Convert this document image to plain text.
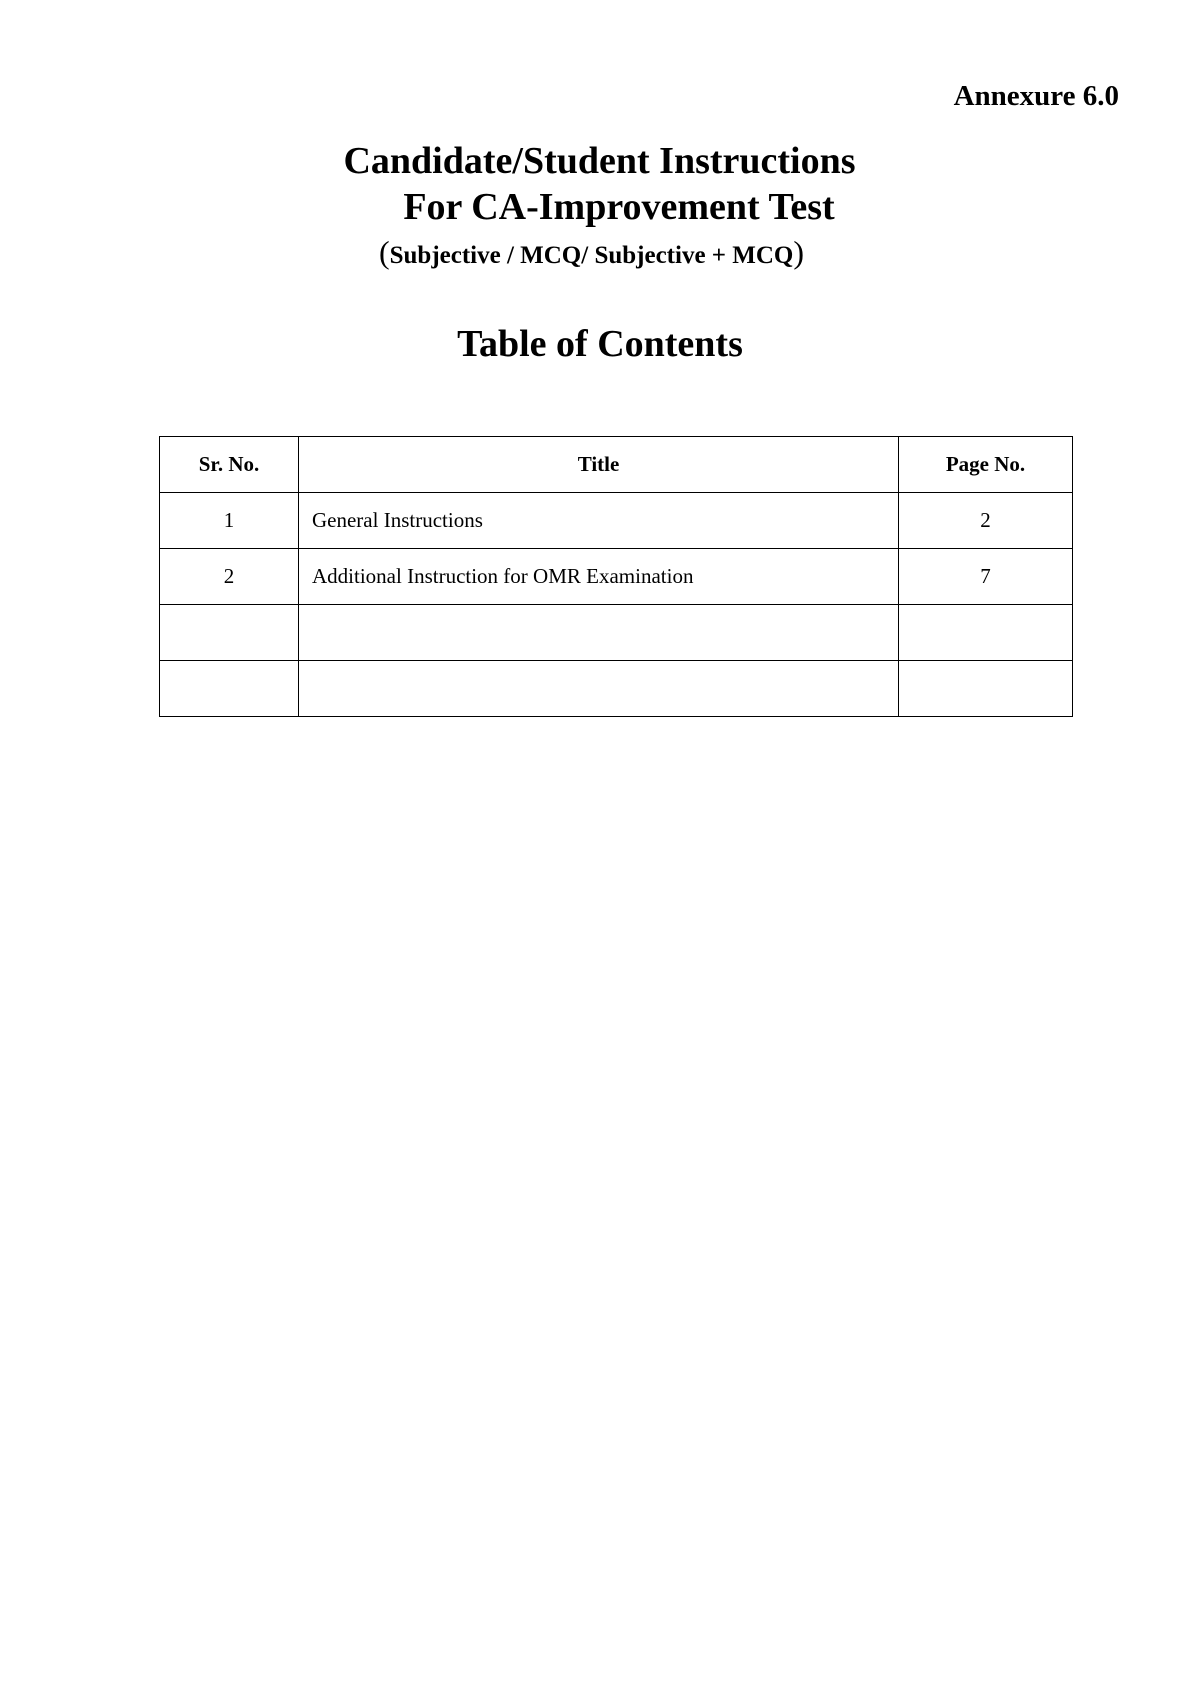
Annexure 6.0
Candidate/Student Instructions
For CA-Improvement Test
(Subjective / MCQ/ Subjective + MCQ)
Table of Contents
Sr. No.	Title	Page No.
1	General Instructions	2
2	Additional Instruction for OMR Examination	7
